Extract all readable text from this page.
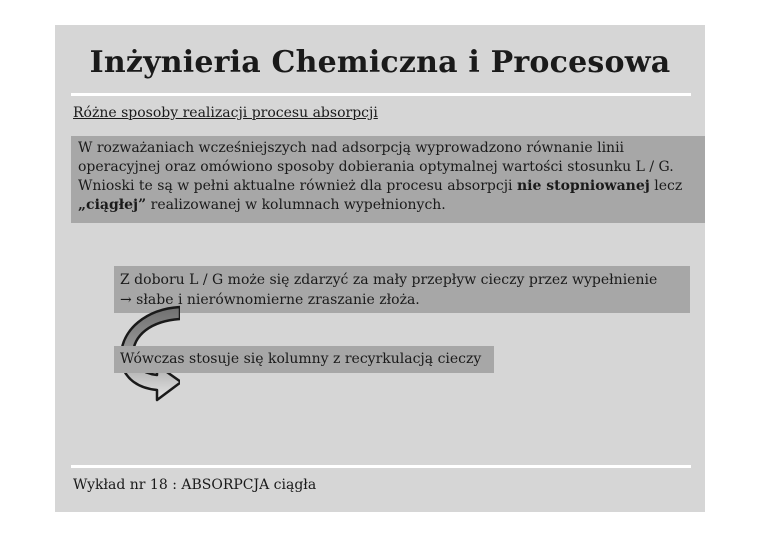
Inżynieria Chemiczna i Procesowa

Różne sposoby realizacji procesu absorpcji

W rozważaniach wcześniejszych nad adsorpcją wyprowadzono równanie linii operacyjnej oraz omówiono sposoby dobierania optymalnej wartości stosunku L / G. Wnioski te są w pełni aktualne również dla procesu absorpcji nie stopniowanej lecz „ciągłej” realizowanej w kolumnach wypełnionych.
Z doboru L / G może się zdarzyć za mały przepływ cieczy przez wypełnienie
→ słabe i nierównomierne zraszanie złoża.
Wówczas stosuje się kolumny z recyrkulacją cieczy

Wykład nr 18 : ABSORPCJA ciągła
